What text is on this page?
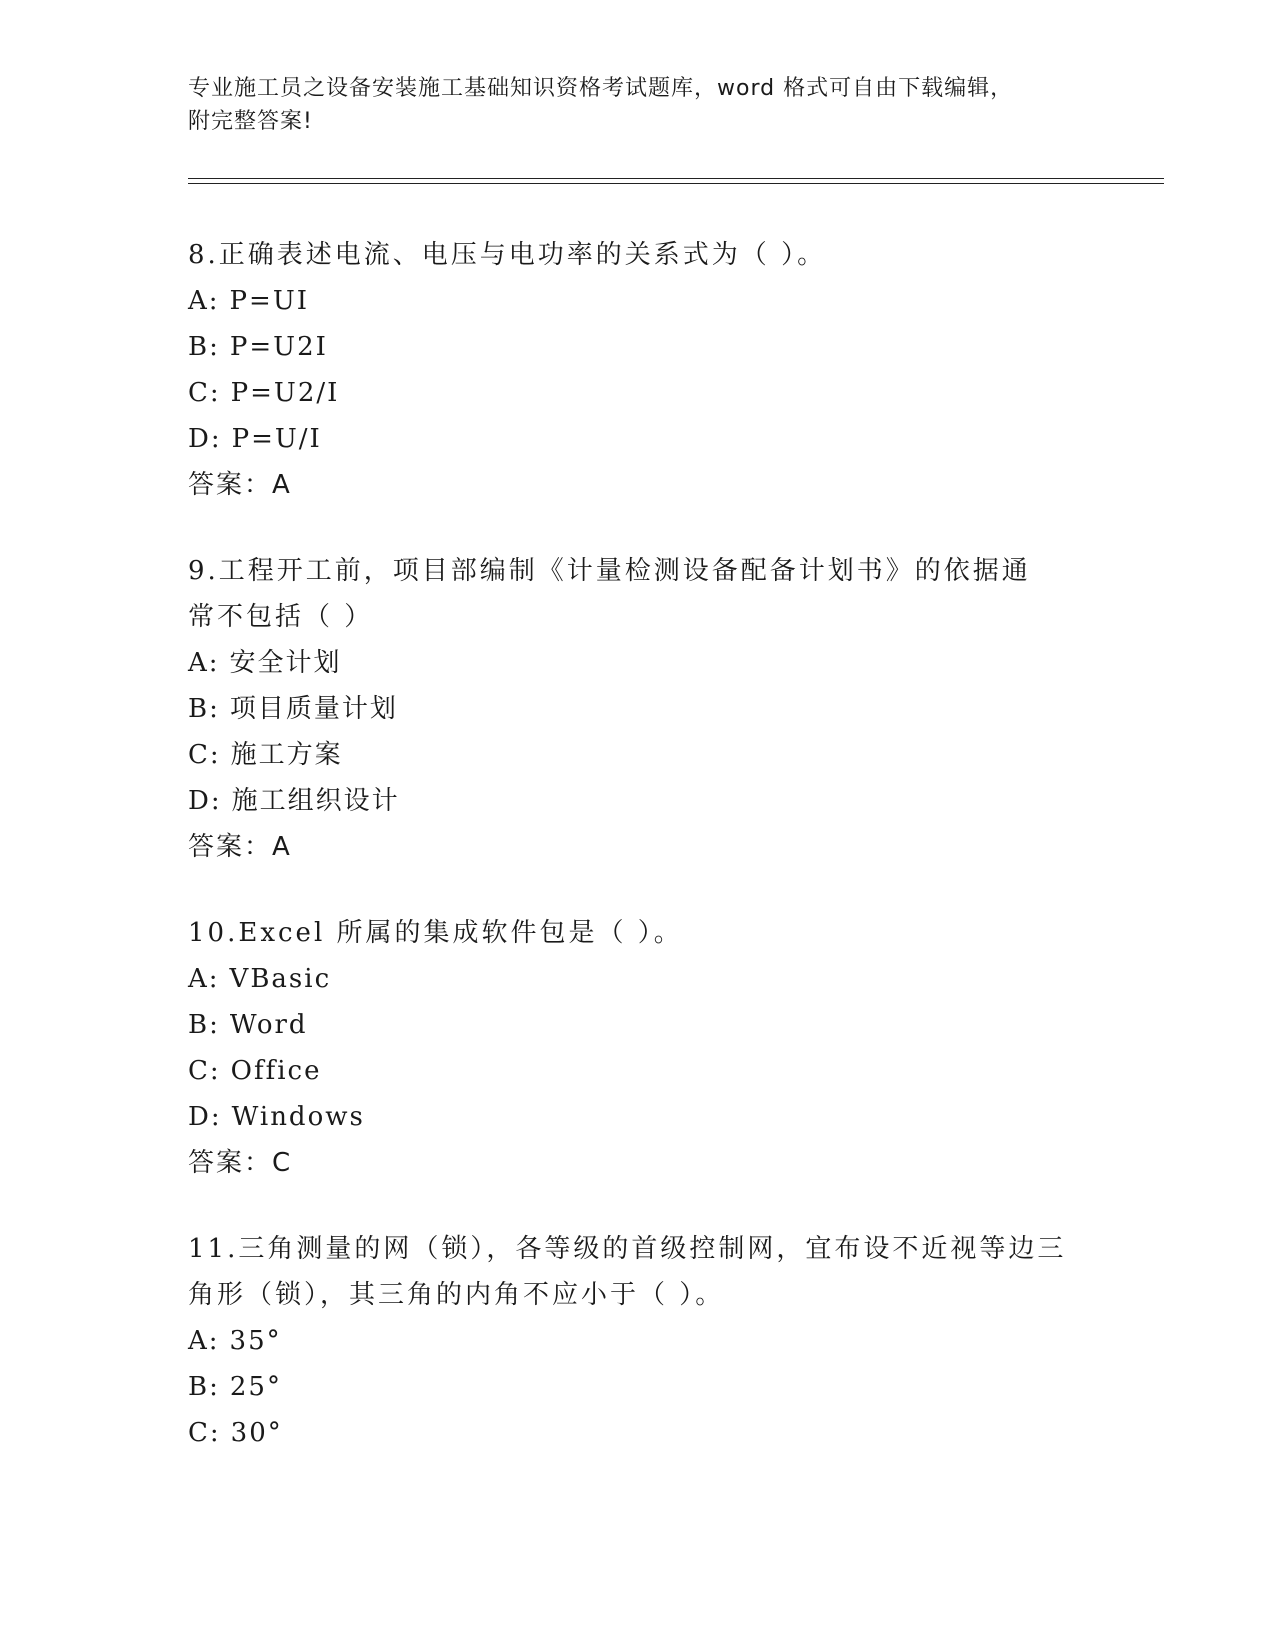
专业施工员之设备安装施工基础知识资格考试题库，word 格式可自由下载编辑，
附完整答案!
8.正确表述电流、电压与电功率的关系式为（ ）。
A: P=UI
B: P=U2I
C: P=U2/I
D: P=U/I
答案：A
9.工程开工前，项目部编制《计量检测设备配备计划书》的依据通常不包括（ ）
A: 安全计划
B: 项目质量计划
C: 施工方案
D: 施工组织设计
答案：A
10.Excel 所属的集成软件包是（ ）。
A: VBasic
B: Word
C: Office
D: Windows
答案：C
11.三角测量的网（锁），各等级的首级控制网，宜布设不近视等边三角形（锁），其三角的内角不应小于（ ）。
A: 35°
B: 25°
C: 30°
